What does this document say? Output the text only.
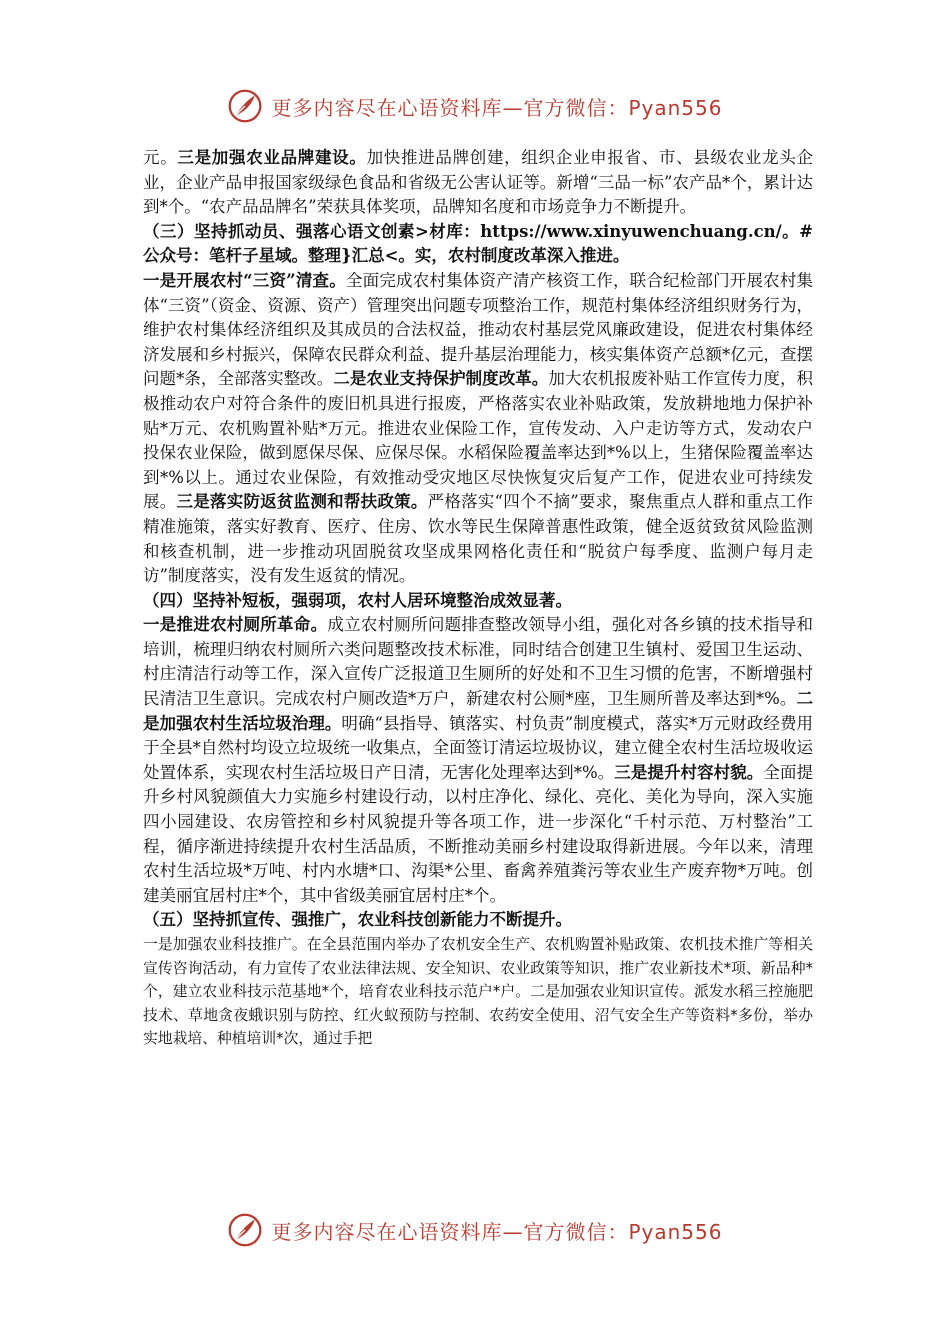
更多内容尽在心语资料库—官方微信：Pyan556

元。三是加强农业品牌建设。加快推进品牌创建，组织企业申报省、市、县级农业龙头企业，企业产品申报国家级绿色食品和省级无公害认证等。新增“三品一标”农产品*个，累计达到*个。“农产品品牌名”荣获具体奖项，品牌知名度和市场竞争力不断提升。

（三）坚持抓动员、强落心语文创素>材库：https://www.xinyuwenchuang.cn/。#公众号：笔杆子星域。整理}汇总<。实，农村制度改革深入推进。

一是开展农村“三资”清查。全面完成农村集体资产清产核资工作，联合纪检部门开展农村集体“三资”（资金、资源、资产）管理突出问题专项整治工作，规范村集体经济组织财务行为，维护农村集体经济组织及其成员的合法权益，推动农村基层党风廉政建设，促进农村集体经济发展和乡村振兴，保障农民群众利益、提升基层治理能力，核实集体资产总额*亿元，查摆问题*条，全部落实整改。二是农业支持保护制度改革。加大农机报废补贴工作宣传力度，积极推动农户对符合条件的废旧机具进行报废，严格落实农业补贴政策，发放耕地地力保护补贴*万元、农机购置补贴*万元。推进农业保险工作，宣传发动、入户走访等方式，发动农户投保农业保险，做到愿保尽保、应保尽保。水稻保险覆盖率达到*%以上，生猪保险覆盖率达到*%以上。通过农业保险，有效推动受灾地区尽快恢复灾后复产工作，促进农业可持续发展。三是落实防返贫监测和帮扶政策。严格落实“四个不摘”要求，聚焦重点人群和重点工作精准施策，落实好教育、医疗、住房、饮水等民生保障普惠性政策，健全返贫致贫风险监测和核查机制，进一步推动巩固脱贫攻坚成果网格化责任和“脱贫户每季度、监测户每月走访”制度落实，没有发生返贫的情况。

（四）坚持补短板，强弱项，农村人居环境整治成效显著。

一是推进农村厕所革命。成立农村厕所问题排查整改领导小组，强化对各乡镇的技术指导和培训，梳理归纳农村厕所六类问题整改技术标准，同时结合创建卫生镇村、爱国卫生运动、村庄清洁行动等工作，深入宣传广泛报道卫生厕所的好处和不卫生习惯的危害，不断增强村民清洁卫生意识。完成农村户厕改造*万户，新建农村公厕*座，卫生厕所普及率达到*%。二是加强农村生活垃圾治理。明确“县指导、镇落实、村负责”制度模式，落实*万元财政经费用于全县*自然村均设立垃圾统一收集点，全面签订清运垃圾协议，建立健全农村生活垃圾收运处置体系，实现农村生活垃圾日产日清，无害化处理率达到*%。三是提升村容村貌。全面提升乡村风貌颜值大力实施乡村建设行动，以村庄净化、绿化、亮化、美化为导向，深入实施四小园建设、农房管控和乡村风貌提升等各项工作，进一步深化“千村示范、万村整治”工程，循序渐进持续提升农村生活品质，不断推动美丽乡村建设取得新进展。今年以来，清理农村生活垃圾*万吨、村内水塘*口、沟渠*公里、畜禽养殖粪污等农业生产废弃物*万吨。创建美丽宜居村庄*个，其中省级美丽宜居村庄*个。

（五）坚持抓宣传、强推广，农业科技创新能力不断提升。

一是加强农业科技推广。在全县范围内举办了农机安全生产、农机购置补贴政策、农机技术推广等相关宣传咨询活动，有力宣传了农业法律法规、安全知识、农业政策等知识，推广农业新技术*项、新品种*个，建立农业科技示范基地*个，培育农业科技示范户*户。二是加强农业知识宣传。派发水稻三控施肥技术、草地贪夜蛾识别与防控、红火蚁预防与控制、农药安全使用、沼气安全生产等资料*多份，举办实地栽培、种植培训*次，通过手把

更多内容尽在心语资料库—官方微信：Pyan556
